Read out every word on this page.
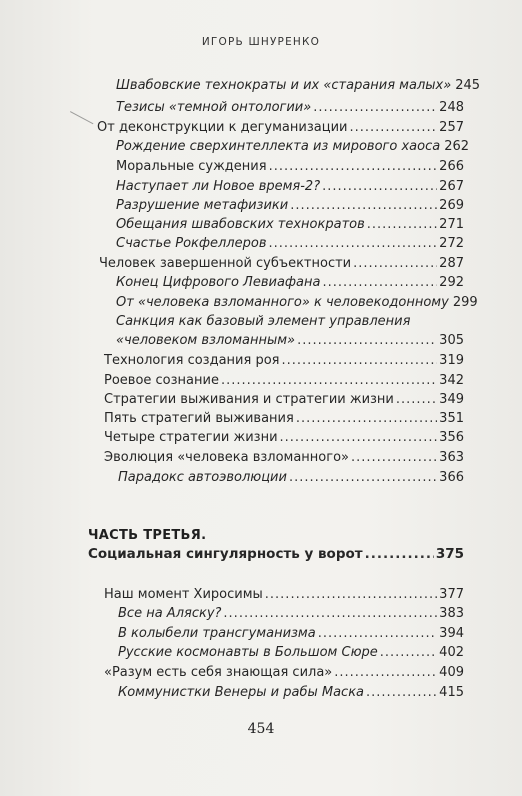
ИГОРЬ ШНУРЕНКО
Швабовские технократы и их «старания малых» 245
Тезисы «темной онтологии» .....	248
От деконструкции к дегуманизации .....	257
Рождение сверхинтеллекта из мирового хаоса 262
Моральные суждения .....	266
Наступает ли Новое время-2? .....	267
Разрушение метафизики .....	269
Обещания швабовских технократов .....	271
Счастье Рокфеллеров .....	272
Человек завершенной субъектности .....	287
Конец Цифрового Левиафана .....	292
От «человека взломанного» к человекодонному 299
Санкция как базовый элемент управления
«человеком взломанным» .....	305
Технология создания роя .....	319
Роевое сознание .....	342
Стратегии выживания и стратегии жизни .....	349
Пять стратегий выживания .....	351
Четыре стратегии жизни .....	356
Эволюция «человека взломанного» .....	363
Парадокс автоэволюции .....	366
ЧАСТЬ ТРЕТЬЯ.
Социальная сингулярность у ворот .....	375
Наш момент Хиросимы .....	377
Все на Аляску? .....	383
В колыбели трансгуманизма .....	394
Русские космонавты в Большом Сюре .....	402
«Разум есть себя знающая сила» .....	409
Коммунистки Венеры и рабы Маска .....	415
454
